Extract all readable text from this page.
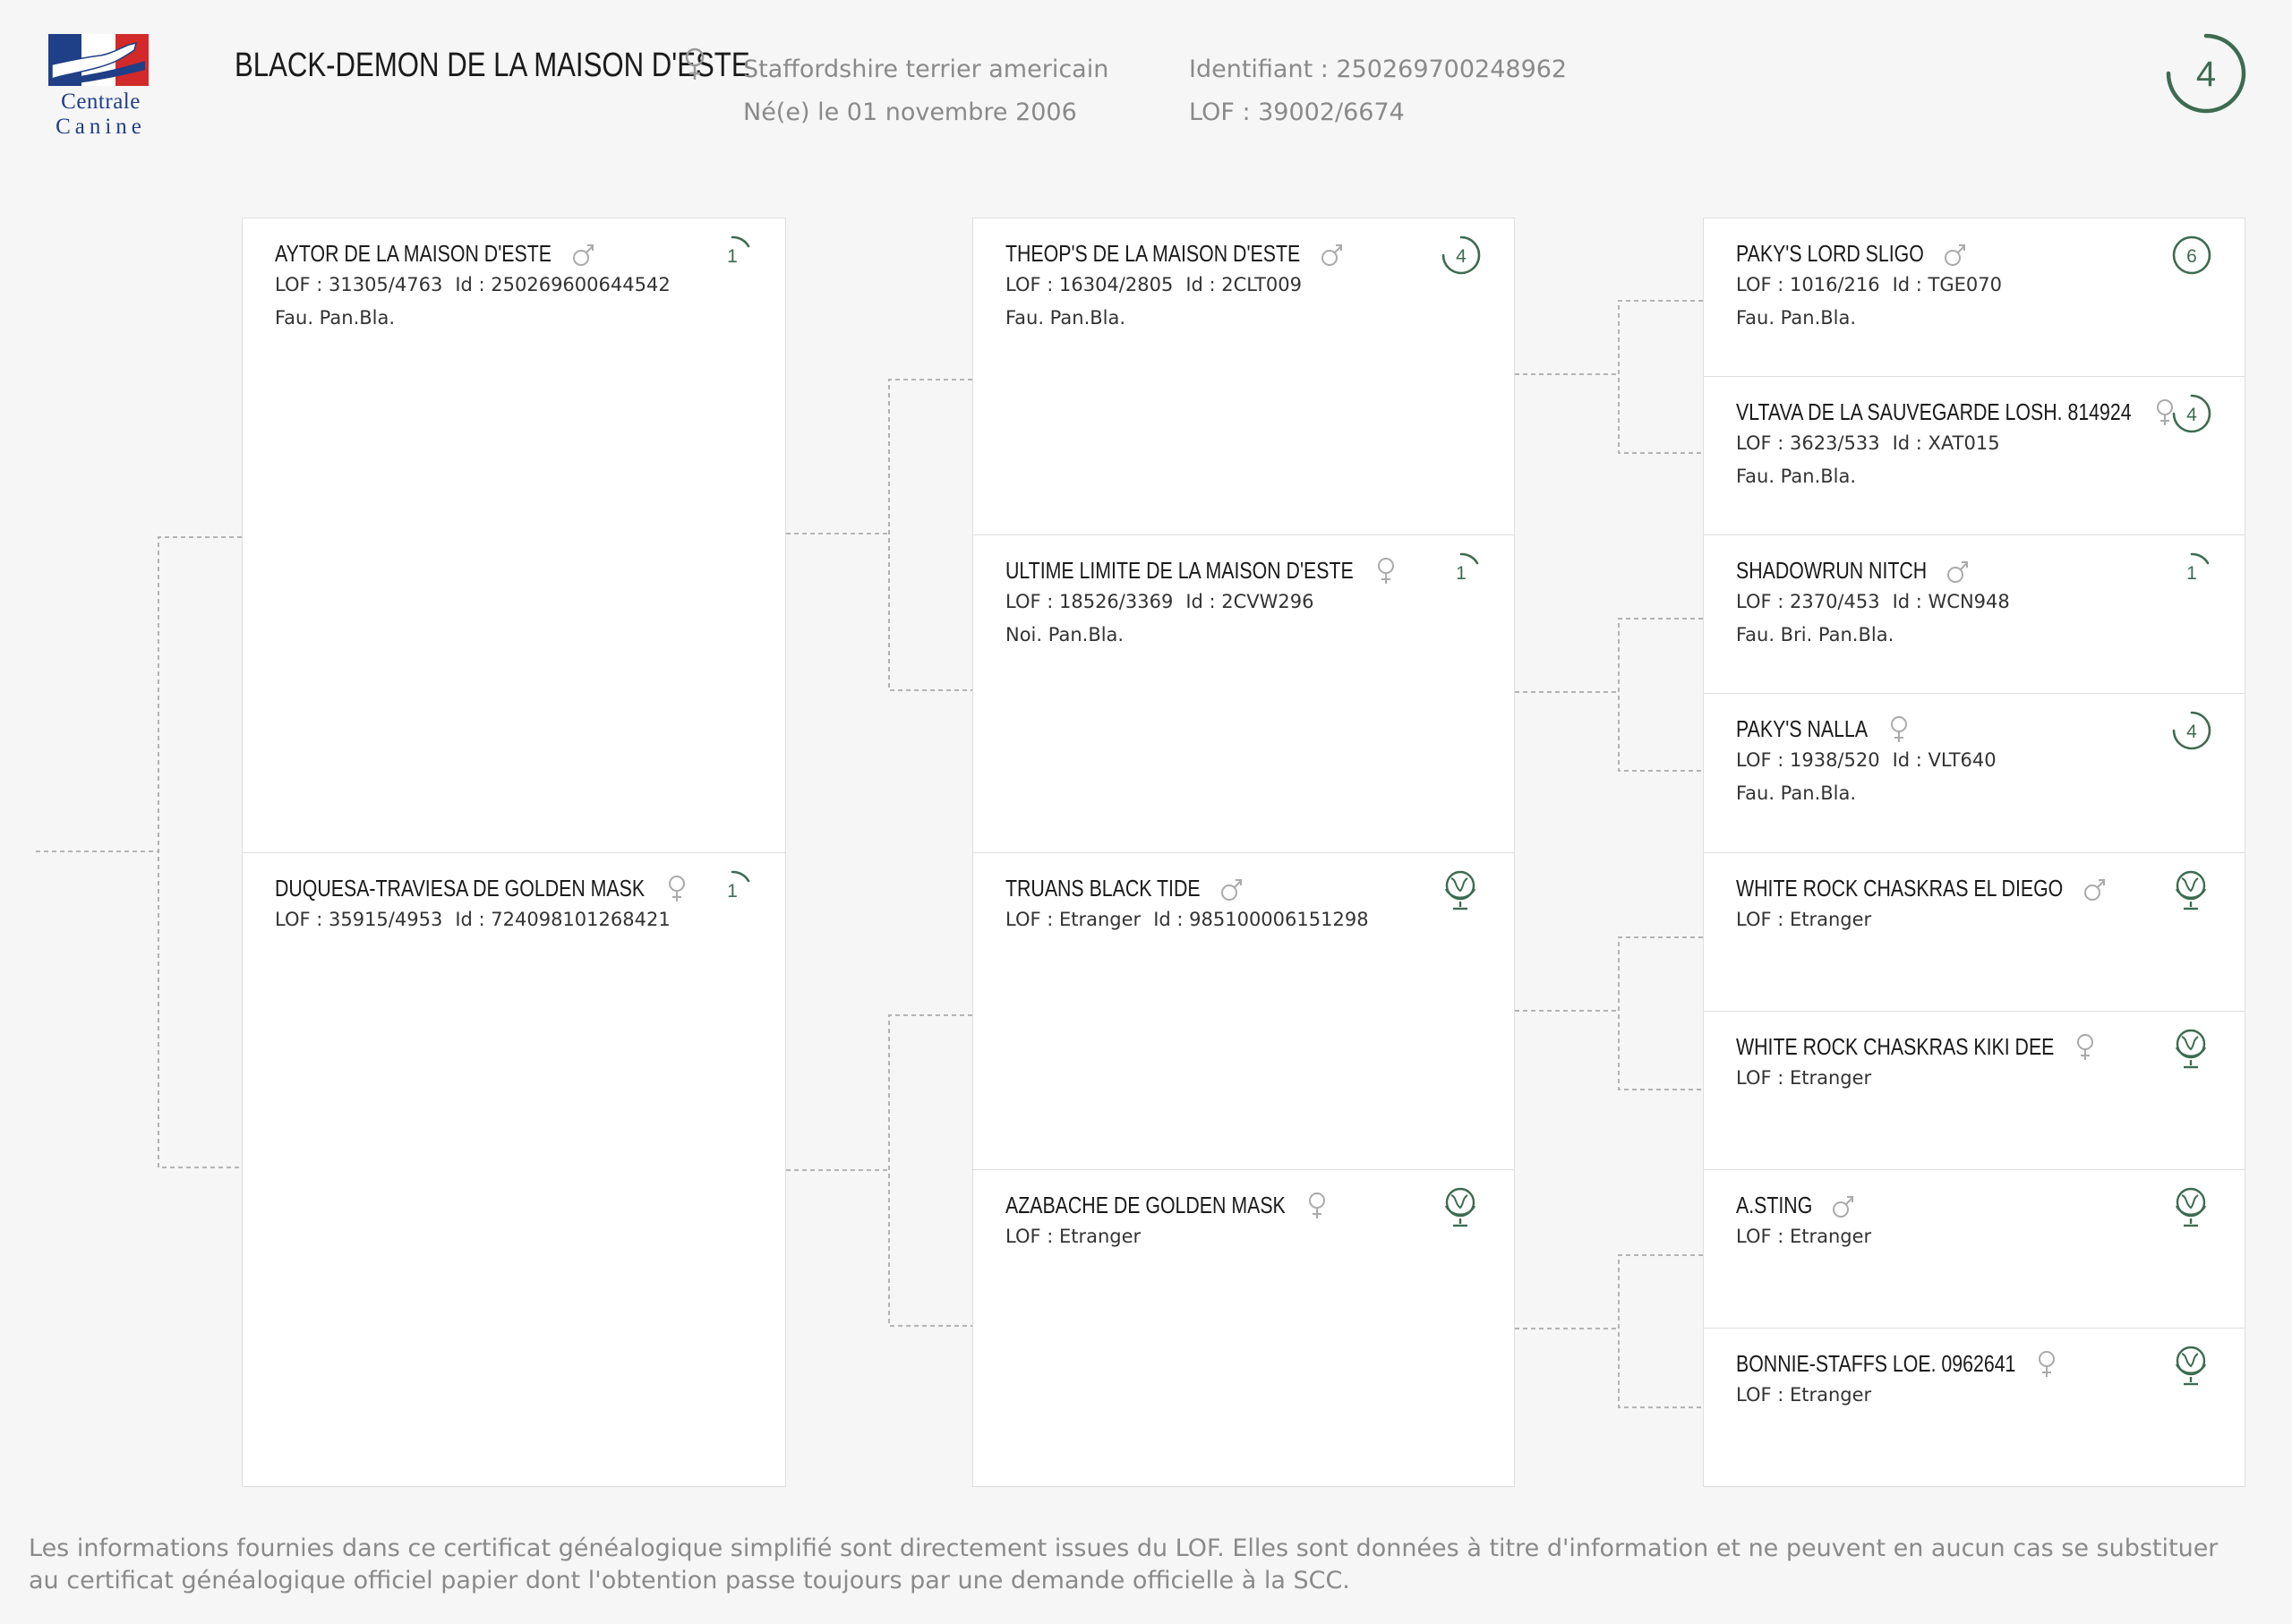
Centrale
Canine
BLACK-DEMON DE LA MAISON D'ESTE
Staffordshire terrier americain
Né(e) le 01 novembre 2006
Identifiant : 250269700248962
LOF : 39002/6674
4
AYTOR DE LA MAISON D'ESTE
LOF : 31305/4763 Id : 250269600644542
Fau. Pan.Bla.
1
DUQUESA-TRAVIESA DE GOLDEN MASK
LOF : 35915/4953 Id : 724098101268421
1
THEOP'S DE LA MAISON D'ESTE
LOF : 16304/2805 Id : 2CLT009
Fau. Pan.Bla.
4
ULTIME LIMITE DE LA MAISON D'ESTE
LOF : 18526/3369 Id : 2CVW296
Noi. Pan.Bla.
1
TRUANS BLACK TIDE
LOF : Etranger Id : 985100006151298
AZABACHE DE GOLDEN MASK
LOF : Etranger
PAKY'S LORD SLIGO
LOF : 1016/216 Id : TGE070
Fau. Pan.Bla.
6
VLTAVA DE LA SAUVEGARDE LOSH. 814924
LOF : 3623/533 Id : XAT015
Fau. Pan.Bla.
4
SHADOWRUN NITCH
LOF : 2370/453 Id : WCN948
Fau. Bri. Pan.Bla.
1
PAKY'S NALLA
LOF : 1938/520 Id : VLT640
Fau. Pan.Bla.
4
WHITE ROCK CHASKRAS EL DIEGO
LOF : Etranger
WHITE ROCK CHASKRAS KIKI DEE
LOF : Etranger
A.STING
LOF : Etranger
BONNIE-STAFFS LOE. 0962641
LOF : Etranger
Les informations fournies dans ce certificat généalogique simplifié sont directement issues du LOF. Elles sont données à titre d'information et ne peuvent en aucun cas se substituer au certificat généalogique officiel papier dont l'obtention passe toujours par une demande officielle à la SCC.
